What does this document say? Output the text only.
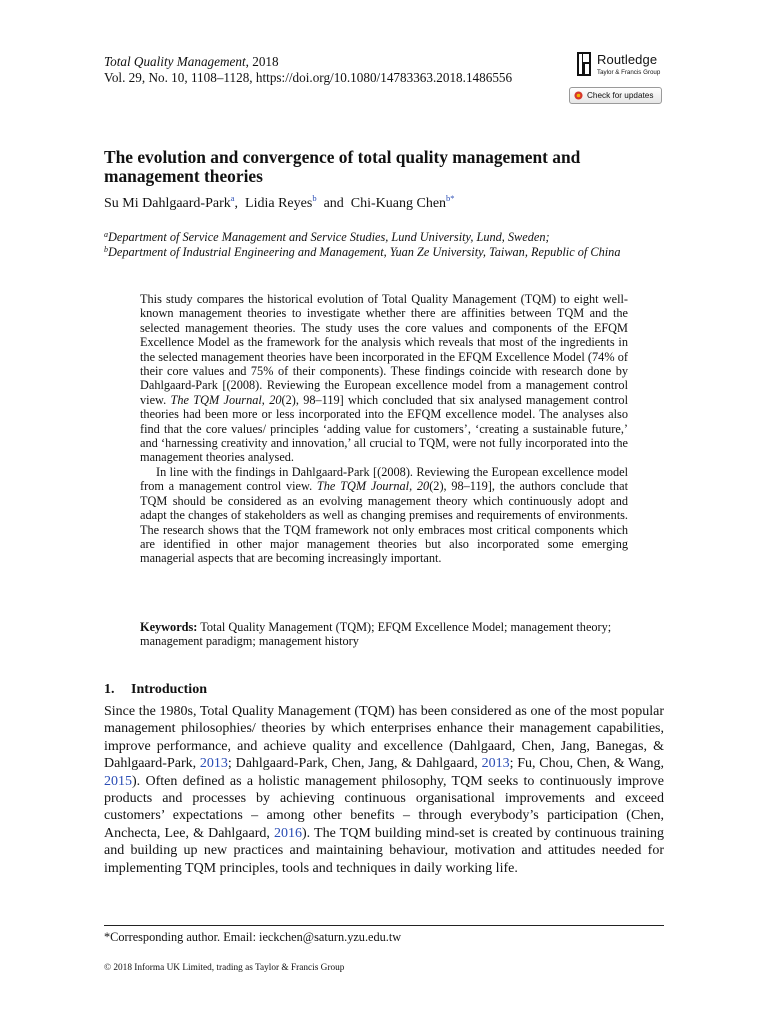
Total Quality Management, 2018
Vol. 29, No. 10, 1108–1128, https://doi.org/10.1080/14783363.2018.1486556
Routledge
Taylor & Francis Group
Check for updates
The evolution and convergence of total quality management and management theories
Su Mi Dahlgaard-Park$^a$,  Lidia Reyes$^b$  and  Chi-Kuang Chen$^{b*}$
$^a$Department of Service Management and Service Studies, Lund University, Lund, Sweden;
$^b$Department of Industrial Engineering and Management, Yuan Ze University, Taiwan, Republic of China

This study compares the historical evolution of Total Quality Management (TQM) to eight well-known management theories to investigate whether there are affinities between TQM and the selected management theories. The study uses the core values and components of the EFQM Excellence Model as the framework for the analysis which reveals that most of the ingredients in the selected management theories have been incorporated in the EFQM Excellence Model (74% of their core values and 75% of their components). These findings coincide with research done by Dahlgaard-Park [(2008). Reviewing the European excellence model from a management control view. The TQM Journal, 20(2), 98–119] which concluded that six analysed management control theories had been more or less incorporated into the EFQM excellence model. The analyses also find that the core values/ principles ‘adding value for customers’, ‘creating a sustainable future,’ and ‘harnessing creativity and innovation,’ all crucial to TQM, were not fully incorporated into the management theories analysed.

In line with the findings in Dahlgaard-Park [(2008). Reviewing the European excellence model from a management control view. The TQM Journal, 20(2), 98–119], the authors conclude that TQM should be considered as an evolving management theory which continuously adopt and adapt the changes of stakeholders as well as changing premises and requirements of environments. The research shows that the TQM framework not only embraces most critical components which are identified in other major management theories but also incorporated some emerging managerial aspects that are becoming increasingly important.

Keywords: Total Quality Management (TQM); EFQM Excellence Model; management theory; management paradigm; management history
1. Introduction
Since the 1980s, Total Quality Management (TQM) has been considered as one of the most popular management philosophies/ theories by which enterprises enhance their management capabilities, improve performance, and achieve quality and excellence (Dahlgaard, Chen, Jang, Banegas, & Dahlgaard-Park, 2013; Dahlgaard-Park, Chen, Jang, & Dahlgaard, 2013; Fu, Chou, Chen, & Wang, 2015). Often defined as a holistic management philosophy, TQM seeks to continuously improve products and processes by achieving continuous organisational improvements and exceed customers’ expectations – among other benefits – through everybody’s participation (Chen, Anchecta, Lee, & Dahlgaard, 2016). The TQM building mind-set is created by continuous training and building up new practices and maintaining behaviour, motivation and attitudes needed for implementing TQM principles, tools and techniques in daily working life.
*Corresponding author. Email: ieckchen@saturn.yzu.edu.tw
© 2018 Informa UK Limited, trading as Taylor & Francis Group
